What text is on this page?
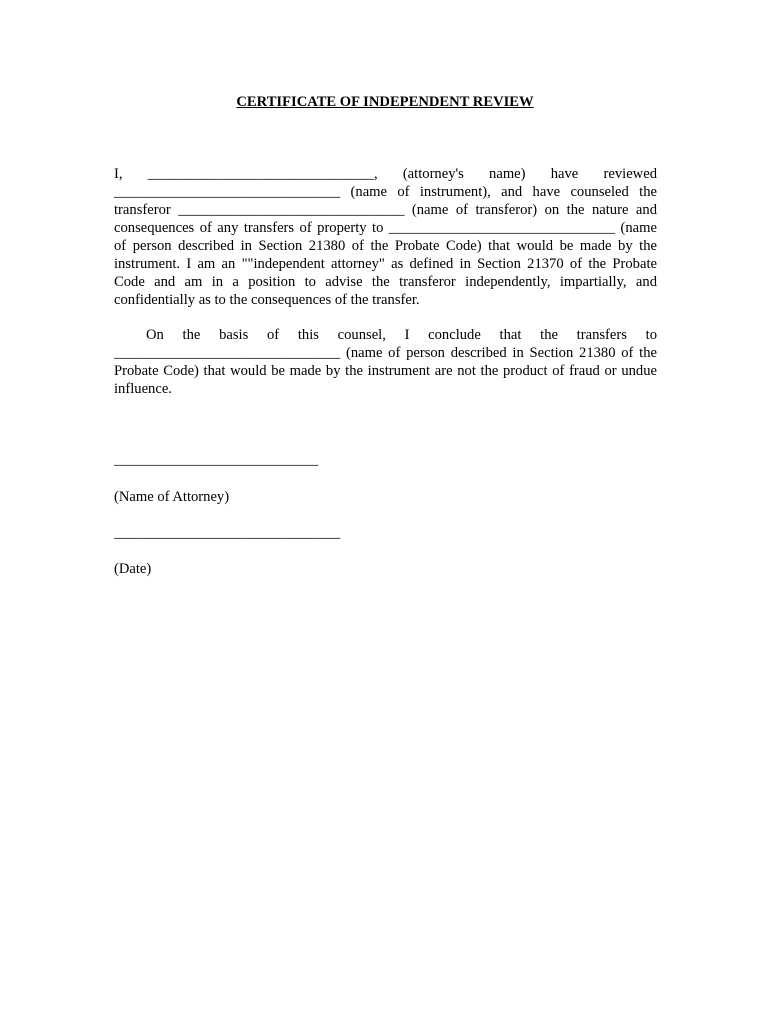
CERTIFICATE OF INDEPENDENT REVIEW

I, _______________________________, (attorney's name) have reviewed _______________________________ (name of instrument), and have counseled the transferor _______________________________ (name of transferor) on the nature and consequences of any transfers of property to _______________________________ (name of person described in Section 21380 of the Probate Code) that would be made by the instrument. I am an ""independent attorney" as defined in Section 21370 of the Probate Code and am in a position to advise the transferor independently, impartially, and confidentially as to the consequences of the transfer.

On the basis of this counsel, I conclude that the transfers to _______________________________ (name of person described in Section 21380 of the Probate Code) that would be made by the instrument are not the product of fraud or undue influence.

____________________________
(Name of Attorney)
_______________________________
(Date)
